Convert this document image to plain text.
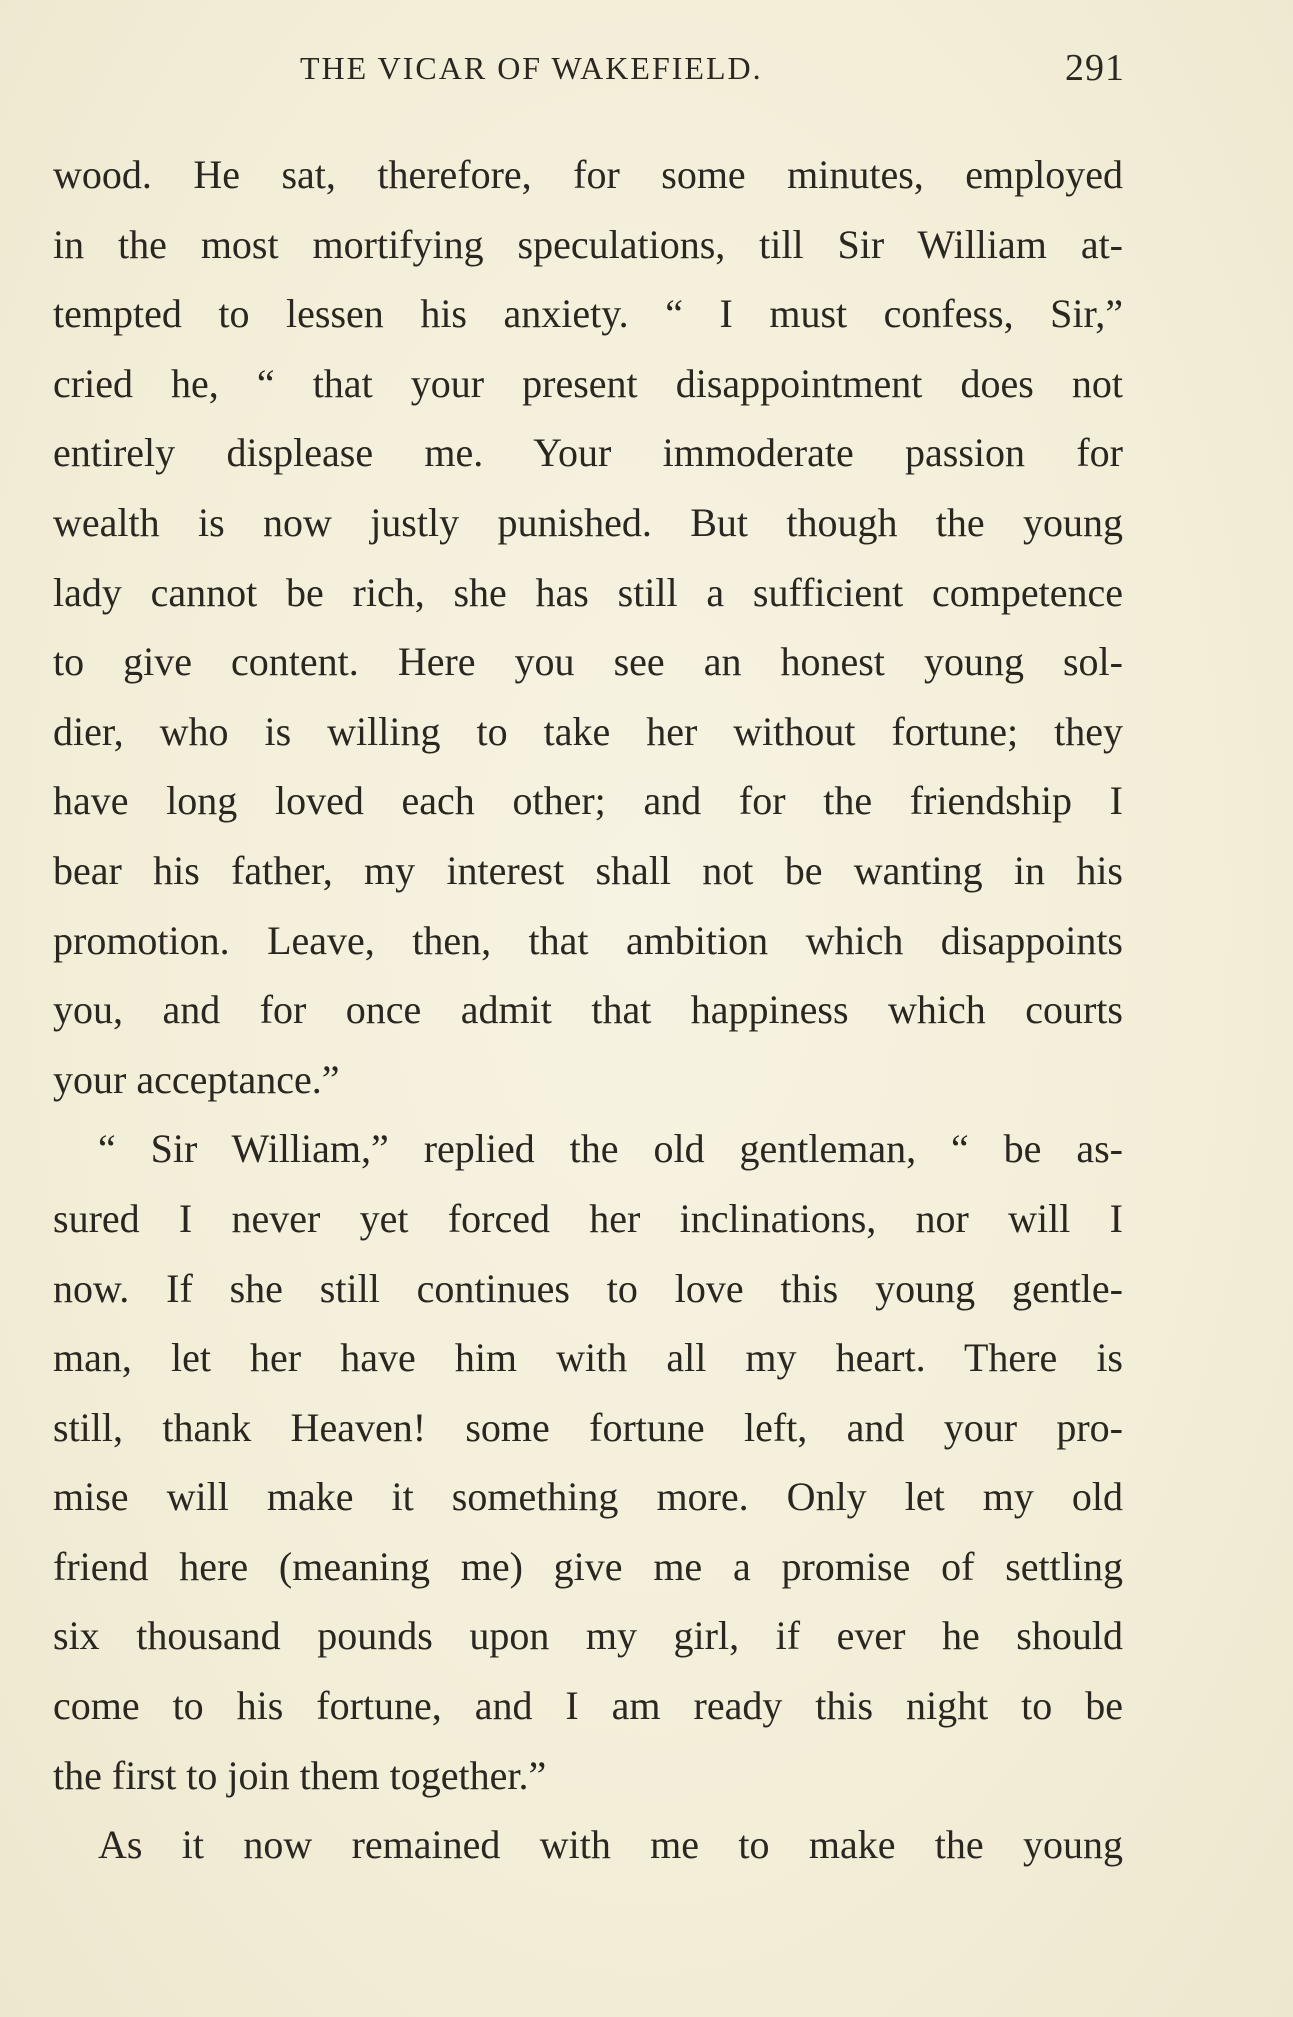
THE VICAR OF WAKEFIELD.	291
wood. He sat, therefore, for some minutes, employed
in the most mortifying speculations, till Sir William at-
tempted to lessen his anxiety. “ I must confess, Sir,”
cried he, “ that your present disappointment does not
entirely displease me. Your immoderate passion for
wealth is now justly punished. But though the young
lady cannot be rich, she has still a sufficient competence
to give content. Here you see an honest young sol-
dier, who is willing to take her without fortune; they
have long loved each other; and for the friendship I
bear his father, my interest shall not be wanting in his
promotion. Leave, then, that ambition which disappoints
you, and for once admit that happiness which courts
your acceptance.”
“ Sir William,” replied the old gentleman, “ be as-
sured I never yet forced her inclinations, nor will I
now. If she still continues to love this young gentle-
man, let her have him with all my heart. There is
still, thank Heaven! some fortune left, and your pro-
mise will make it something more. Only let my old
friend here (meaning me) give me a promise of settling
six thousand pounds upon my girl, if ever he should
come to his fortune, and I am ready this night to be
the first to join them together.”
As it now remained with me to make the young
